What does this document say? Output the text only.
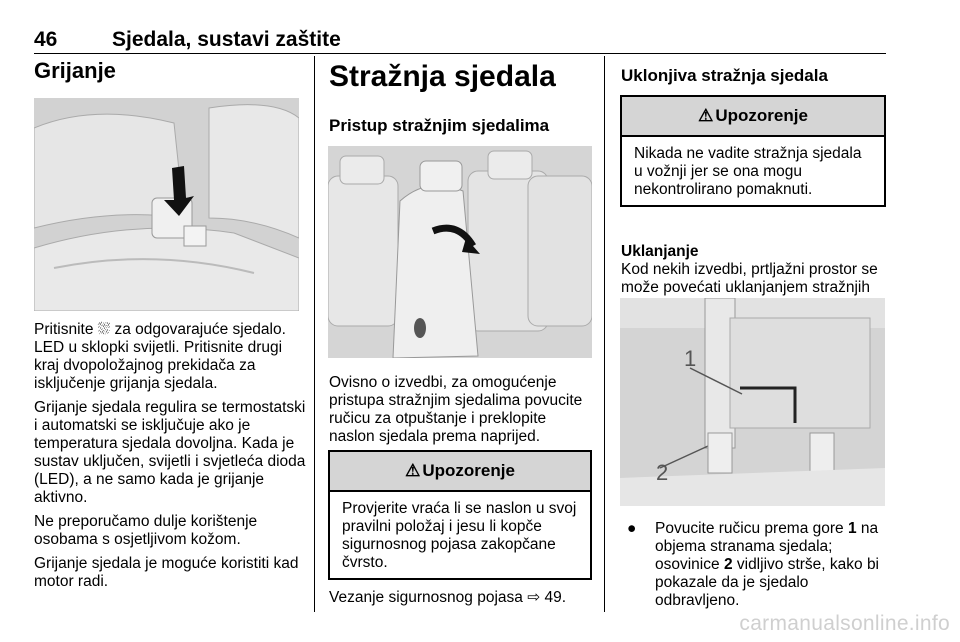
46	Sjedala, sustavi zaštite
Grijanje

Pritisnite ⛆ za odgovarajuće sjedalo. LED u sklopki svijetli. Pritisnite drugi kraj dvopoložajnog prekidača za isključenje grijanja sjedala.

Grijanje sjedala regulira se termostatski i automatski se isključuje ako je temperatura sjedala dovoljna. Kada je sustav uključen, svijetli i svjetleća dioda (LED), a ne samo kada je grijanje aktivno.

Ne preporučamo dulje korištenje osobama s osjetljivom kožom.

Grijanje sjedala je moguće koristiti kad motor radi.

Stražnja sjedala
Pristup stražnjim sjedalima

Ovisno o izvedbi, za omogućenje pristupa stražnjim sjedalima povucite ručicu za otpuštanje i preklopite naslon sjedala prema naprijed.

⚠ Upozorenje
Provjerite vraća li se naslon u svoj pravilni položaj i jesu li kopče sigurnosnog pojasa zakopčane čvrsto.

Vezanje sigurnosnog pojasa ⇨ 49.

Uklonjiva stražnja sjedala
⚠ Upozorenje
Nikada ne vadite stražnja sjedala u vožnji jer se ona mogu nekontrolirano pomaknuti.
Uklanjanje

Kod nekih izvedbi, prtljažni prostor se može povećati uklanjanjem stražnjih

1
2
●	Povucite ručicu prema gore 1 na objema stranama sjedala; osovinice 2 vidljivo strše, kako bi pokazale da je sjedalo odbravljeno.
carmanualsonline.info
